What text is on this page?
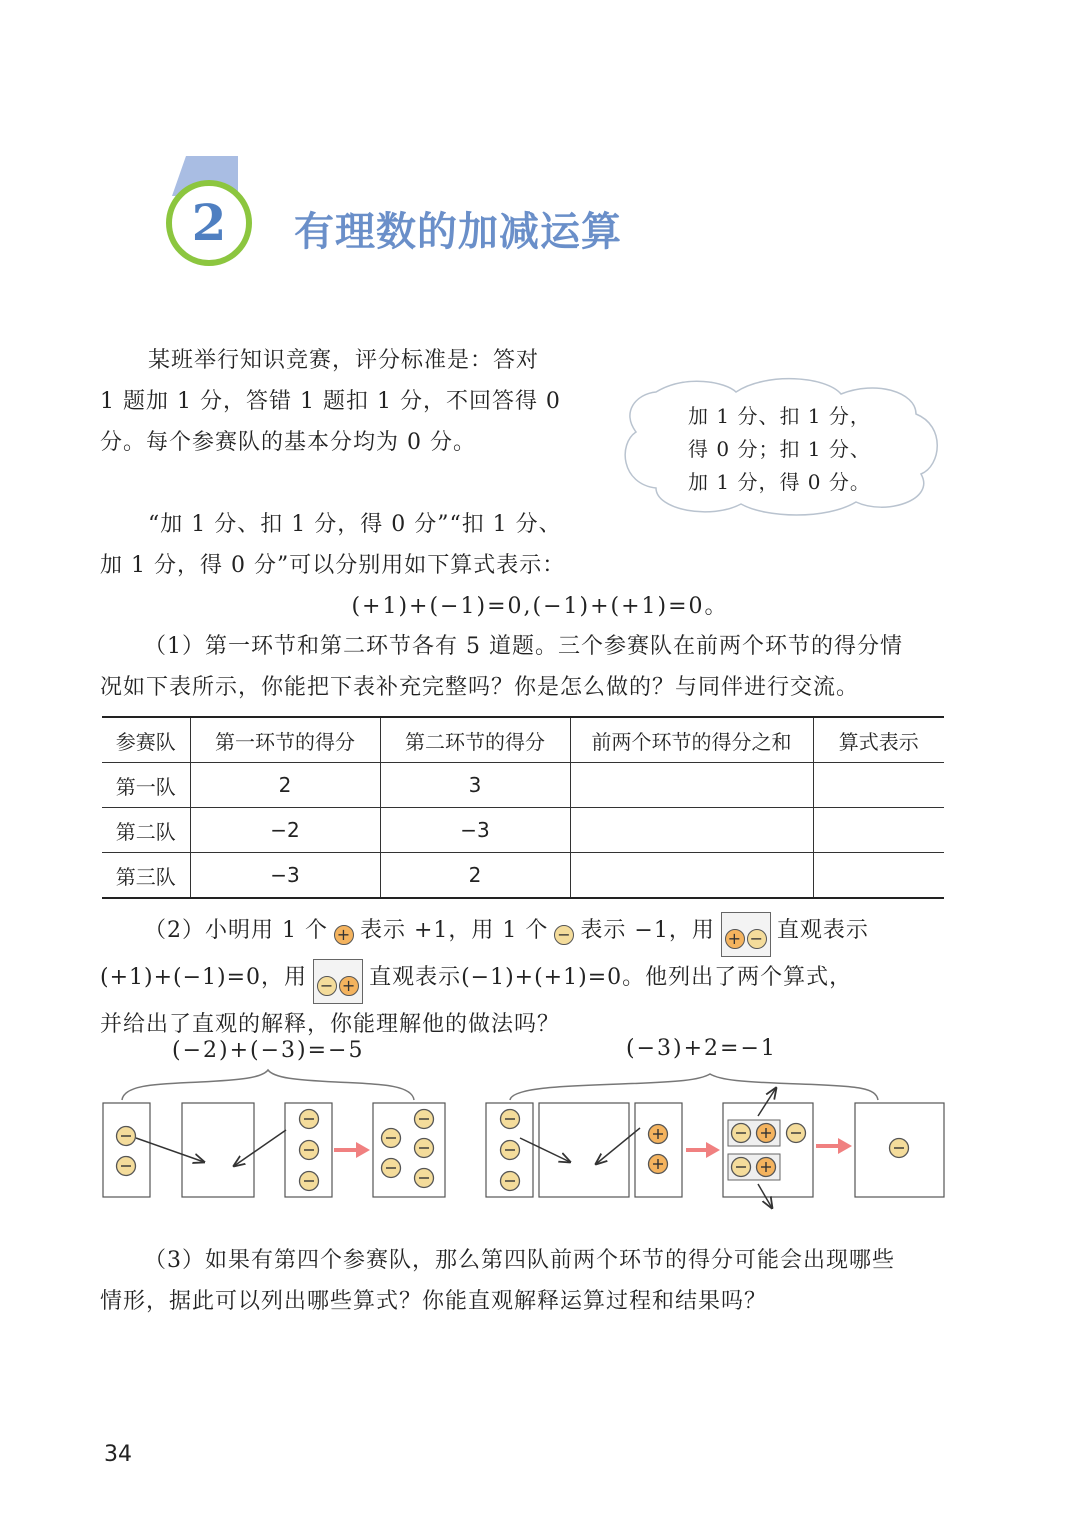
2	有理数的加减运算
某班举行知识竞赛，评分标准是：答对
1 题加 1 分，答错 1 题扣 1 分，不回答得 0
分。每个参赛队的基本分均为 0 分。
加 1 分、扣 1 分，
得 0 分；扣 1 分、
加 1 分，得 0 分。
“加 1 分、扣 1 分，得 0 分”“扣 1 分、
加 1 分，得 0 分”可以分别用如下算式表示：
(+1)+(−1)=0,(−1)+(+1)=0。
（1）第一环节和第二环节各有 5 道题。三个参赛队在前两个环节的得分情
况如下表所示，你能把下表补充完整吗？你是怎么做的？与同伴进行交流。
参赛队	第一环节的得分	第二环节的得分	前两个环节的得分之和	算式表示
第一队	2	3		
第二队	−2	−3		
第三队	−3	2		
（2）小明用 1 个 + 表示 +1，用 1 个 − 表示 −1，用 + − 直观表示
(+1)+(−1)=0，用 − + 直观表示(−1)+(+1)=0。他列出了两个算式，
并给出了直观的解释，你能理解他的做法吗？
(−2)+(−3)=−5	(−3)+2=−1
（3）如果有第四个参赛队，那么第四队前两个环节的得分可能会出现哪些
情形，据此可以列出哪些算式？你能直观解释运算过程和结果吗？
34
